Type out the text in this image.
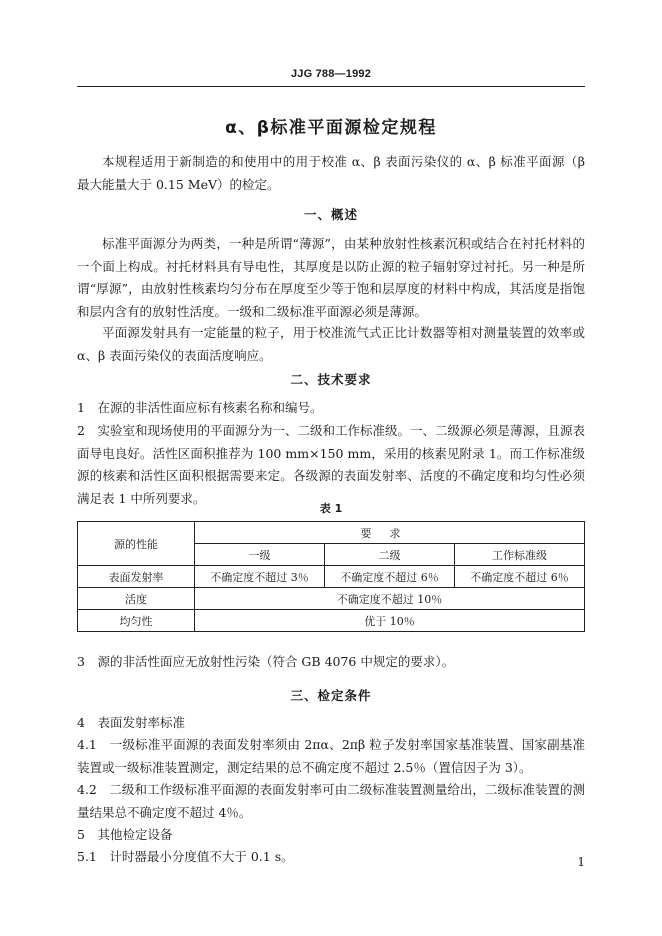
JJG 788—1992
α、β标准平面源检定规程

本规程适用于新制造的和使用中的用于校准 α、β 表面污染仪的 α、β 标准平面源（β 最大能量大于 0.15 MeV）的检定。

一、概述

标准平面源分为两类，一种是所谓“薄源”，由某种放射性核素沉积或结合在衬托材料的一个面上构成。衬托材料具有导电性，其厚度是以防止源的粒子辐射穿过衬托。另一种是所谓“厚源”，由放射性核素均匀分布在厚度至少等于饱和层厚度的材料中构成，其活度是指饱和层内含有的放射性活度。一级和二级标准平面源必须是薄源。

平面源发射具有一定能量的粒子，用于校准流气式正比计数器等相对测量装置的效率或 α、β 表面污染仪的表面活度响应。

二、技术要求

1　在源的非活性面应标有核素名称和编号。

2　实验室和现场使用的平面源分为一、二级和工作标准级。一、二级源必须是薄源，且源表面导电良好。活性区面积推荐为 100 mm×150 mm，采用的核素见附录 1。而工作标准级源的核素和活性区面积根据需要来定。各级源的表面发射率、活度的不确定度和均匀性必须满足表 1 中所列要求。

表 1
源的性能	要求		
	一级	二级	工作标准级
表面发射率	不确定度不超过 3％	不确定度不超过 6％	不确定度不超过 6％
活度	不确定度不超过 10％		
均匀性	优于 10％		

3　源的非活性面应无放射性污染（符合 GB 4076 中规定的要求）。

三、检定条件

4　表面发射率标准

4.1　一级标准平面源的表面发射率须由 2πα、2πβ 粒子发射率国家基准装置、国家副基准装置或一级标准装置测定，测定结果的总不确定度不超过 2.5％（置信因子为 3）。

4.2　二级和工作级标准平面源的表面发射率可由二级标准装置测量给出，二级标准装置的测量结果总不确定度不超过 4％。

5　其他检定设备

5.1　计时器最小分度值不大于 0.1 s。	1
